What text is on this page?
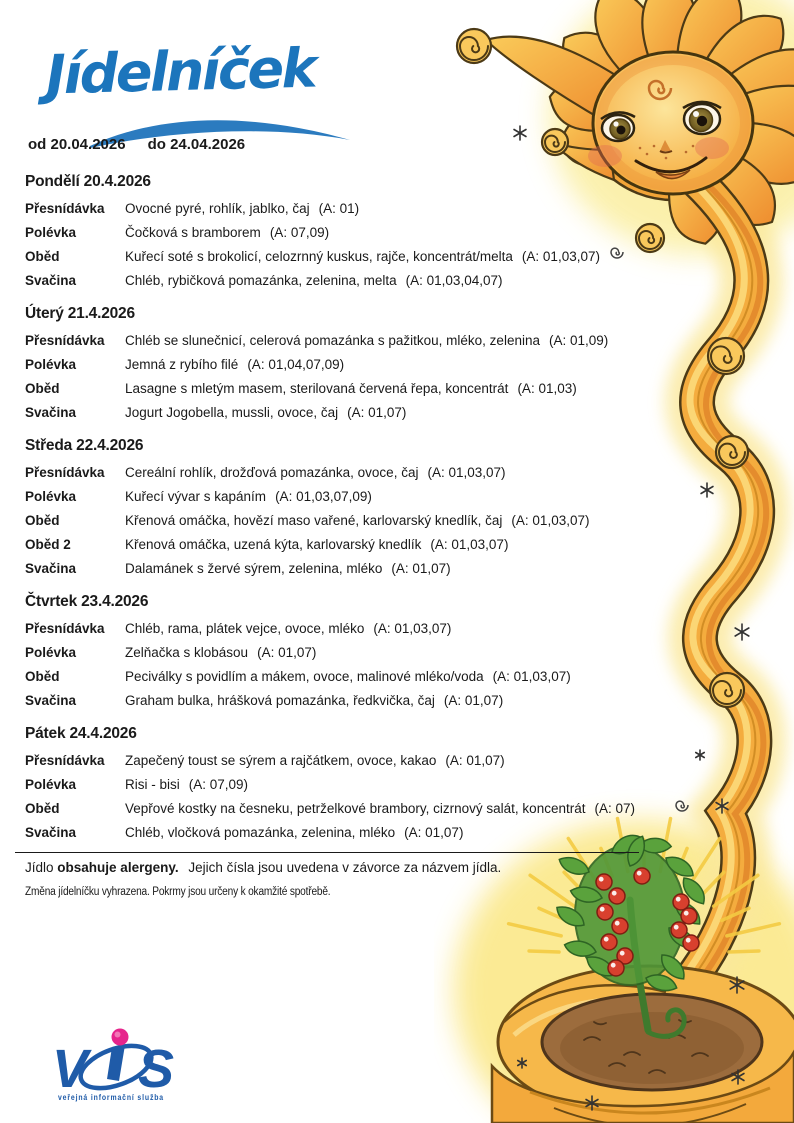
Jídelníček
od 20.04.2026 do 24.04.2026
Pondělí 20.4.2026
Přesnídávka	Ovocné pyré, rohlík, jablko, čaj (A: 01)
Polévka	Čočková s bramborem (A: 07,09)
Oběd	Kuřecí soté s brokolicí, celozrnný kuskus, rajče, koncentrát/melta (A: 01,03,07)
Svačina	Chléb, rybičková pomazánka, zelenina, melta (A: 01,03,04,07)
Úterý 21.4.2026
Přesnídávka	Chléb se slunečnicí, celerová pomazánka s pažitkou, mléko, zelenina (A: 01,09)
Polévka	Jemná z rybího filé (A: 01,04,07,09)
Oběd	Lasagne s mletým masem, sterilovaná červená řepa, koncentrát (A: 01,03)
Svačina	Jogurt Jogobella, mussli, ovoce, čaj (A: 01,07)
Středa 22.4.2026
Přesnídávka	Cereální rohlík, drožďová pomazánka, ovoce, čaj (A: 01,03,07)
Polévka	Kuřecí vývar s kapáním (A: 01,03,07,09)
Oběd	Křenová omáčka, hovězí maso vařené, karlovarský knedlík, čaj (A: 01,03,07)
Oběd 2	Křenová omáčka, uzená kýta, karlovarský knedlík (A: 01,03,07)
Svačina	Dalamánek s žervé sýrem, zelenina, mléko (A: 01,07)
Čtvrtek 23.4.2026
Přesnídávka	Chléb, rama, plátek vejce, ovoce, mléko (A: 01,03,07)
Polévka	Zelňačka s klobásou (A: 01,07)
Oběd	Peciválky s povidlím a mákem, ovoce, malinové mléko/voda (A: 01,03,07)
Svačina	Graham bulka, hrášková pomazánka, ředkvička, čaj (A: 01,07)
Pátek 24.4.2026
Přesnídávka	Zapečený toust se sýrem a rajčátkem, ovoce, kakao (A: 01,07)
Polévka	Risi - bisi (A: 07,09)
Oběd	Vepřové kostky na česneku, petrželkové brambory, cizrnový salát, koncentrát (A: 07)
Svačina	Chléb, vločková pomazánka, zelenina, mléko (A: 01,07)
Jídlo obsahuje alergeny. Jejich čísla jsou uvedena v závorce za názvem jídla.
Změna jídelníčku vyhrazena. Pokrmy jsou určeny k okamžité spotřebě.
V S
veřejná informační služba
